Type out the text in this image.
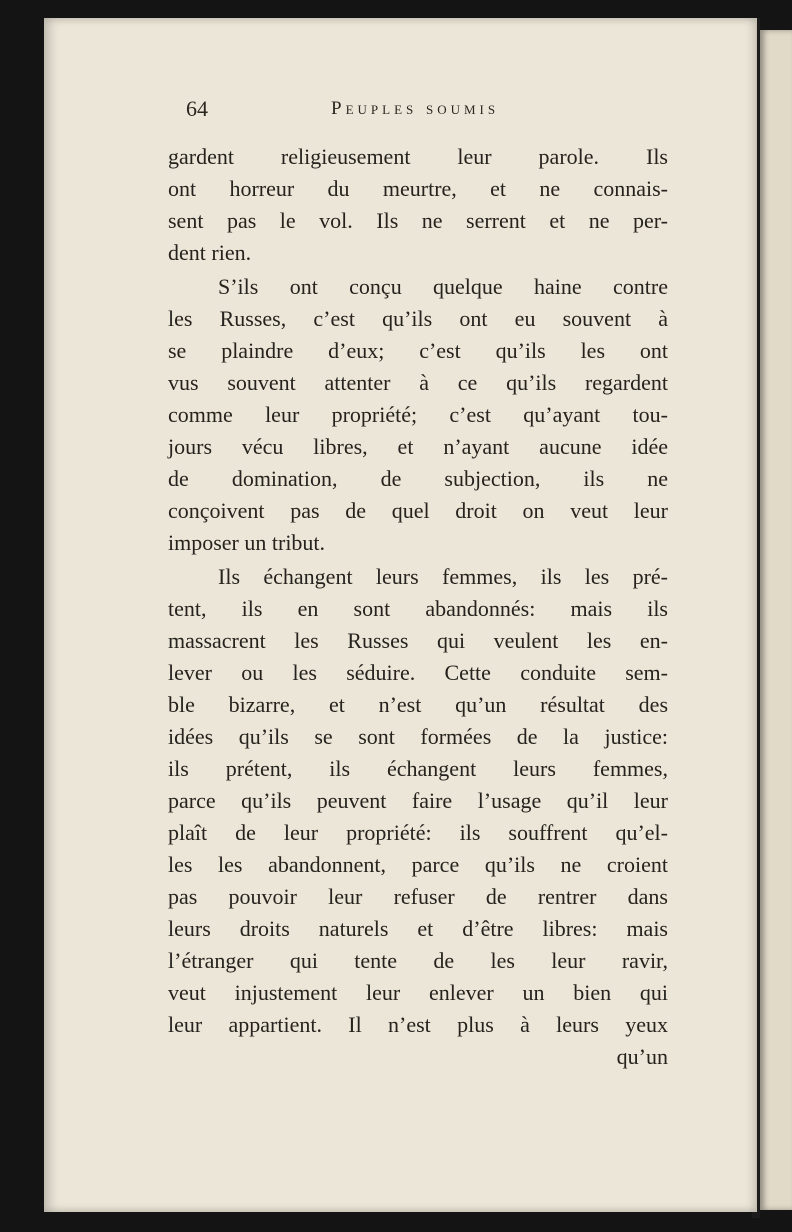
64	Peuples soumis
gardent religieusement leur parole. Ils
ont horreur du meurtre, et ne connais-
sent pas le vol. Ils ne serrent et ne per-
dent rien.
S’ils ont conçu quelque haine contre
les Russes, c’est qu’ils ont eu souvent à
se plaindre d’eux; c’est qu’ils les ont
vus souvent attenter à ce qu’ils regardent
comme leur propriété; c’est qu’ayant tou-
jours vécu libres, et n’ayant aucune idée
de domination, de subjection, ils ne
conçoivent pas de quel droit on veut leur
imposer un tribut.
Ils échangent leurs femmes, ils les pré-
tent, ils en sont abandonnés: mais ils
massacrent les Russes qui veulent les en-
lever ou les séduire. Cette conduite sem-
ble bizarre, et n’est qu’un résultat des
idées qu’ils se sont formées de la justice:
ils prétent, ils échangent leurs femmes,
parce qu’ils peuvent faire l’usage qu’il leur
plaît de leur propriété: ils souffrent qu’el-
les les abandonnent, parce qu’ils ne croient
pas pouvoir leur refuser de rentrer dans
leurs droits naturels et d’être libres: mais
l’étranger qui tente de les leur ravir,
veut injustement leur enlever un bien qui
leur appartient. Il n’est plus à leurs yeux
qu’un
